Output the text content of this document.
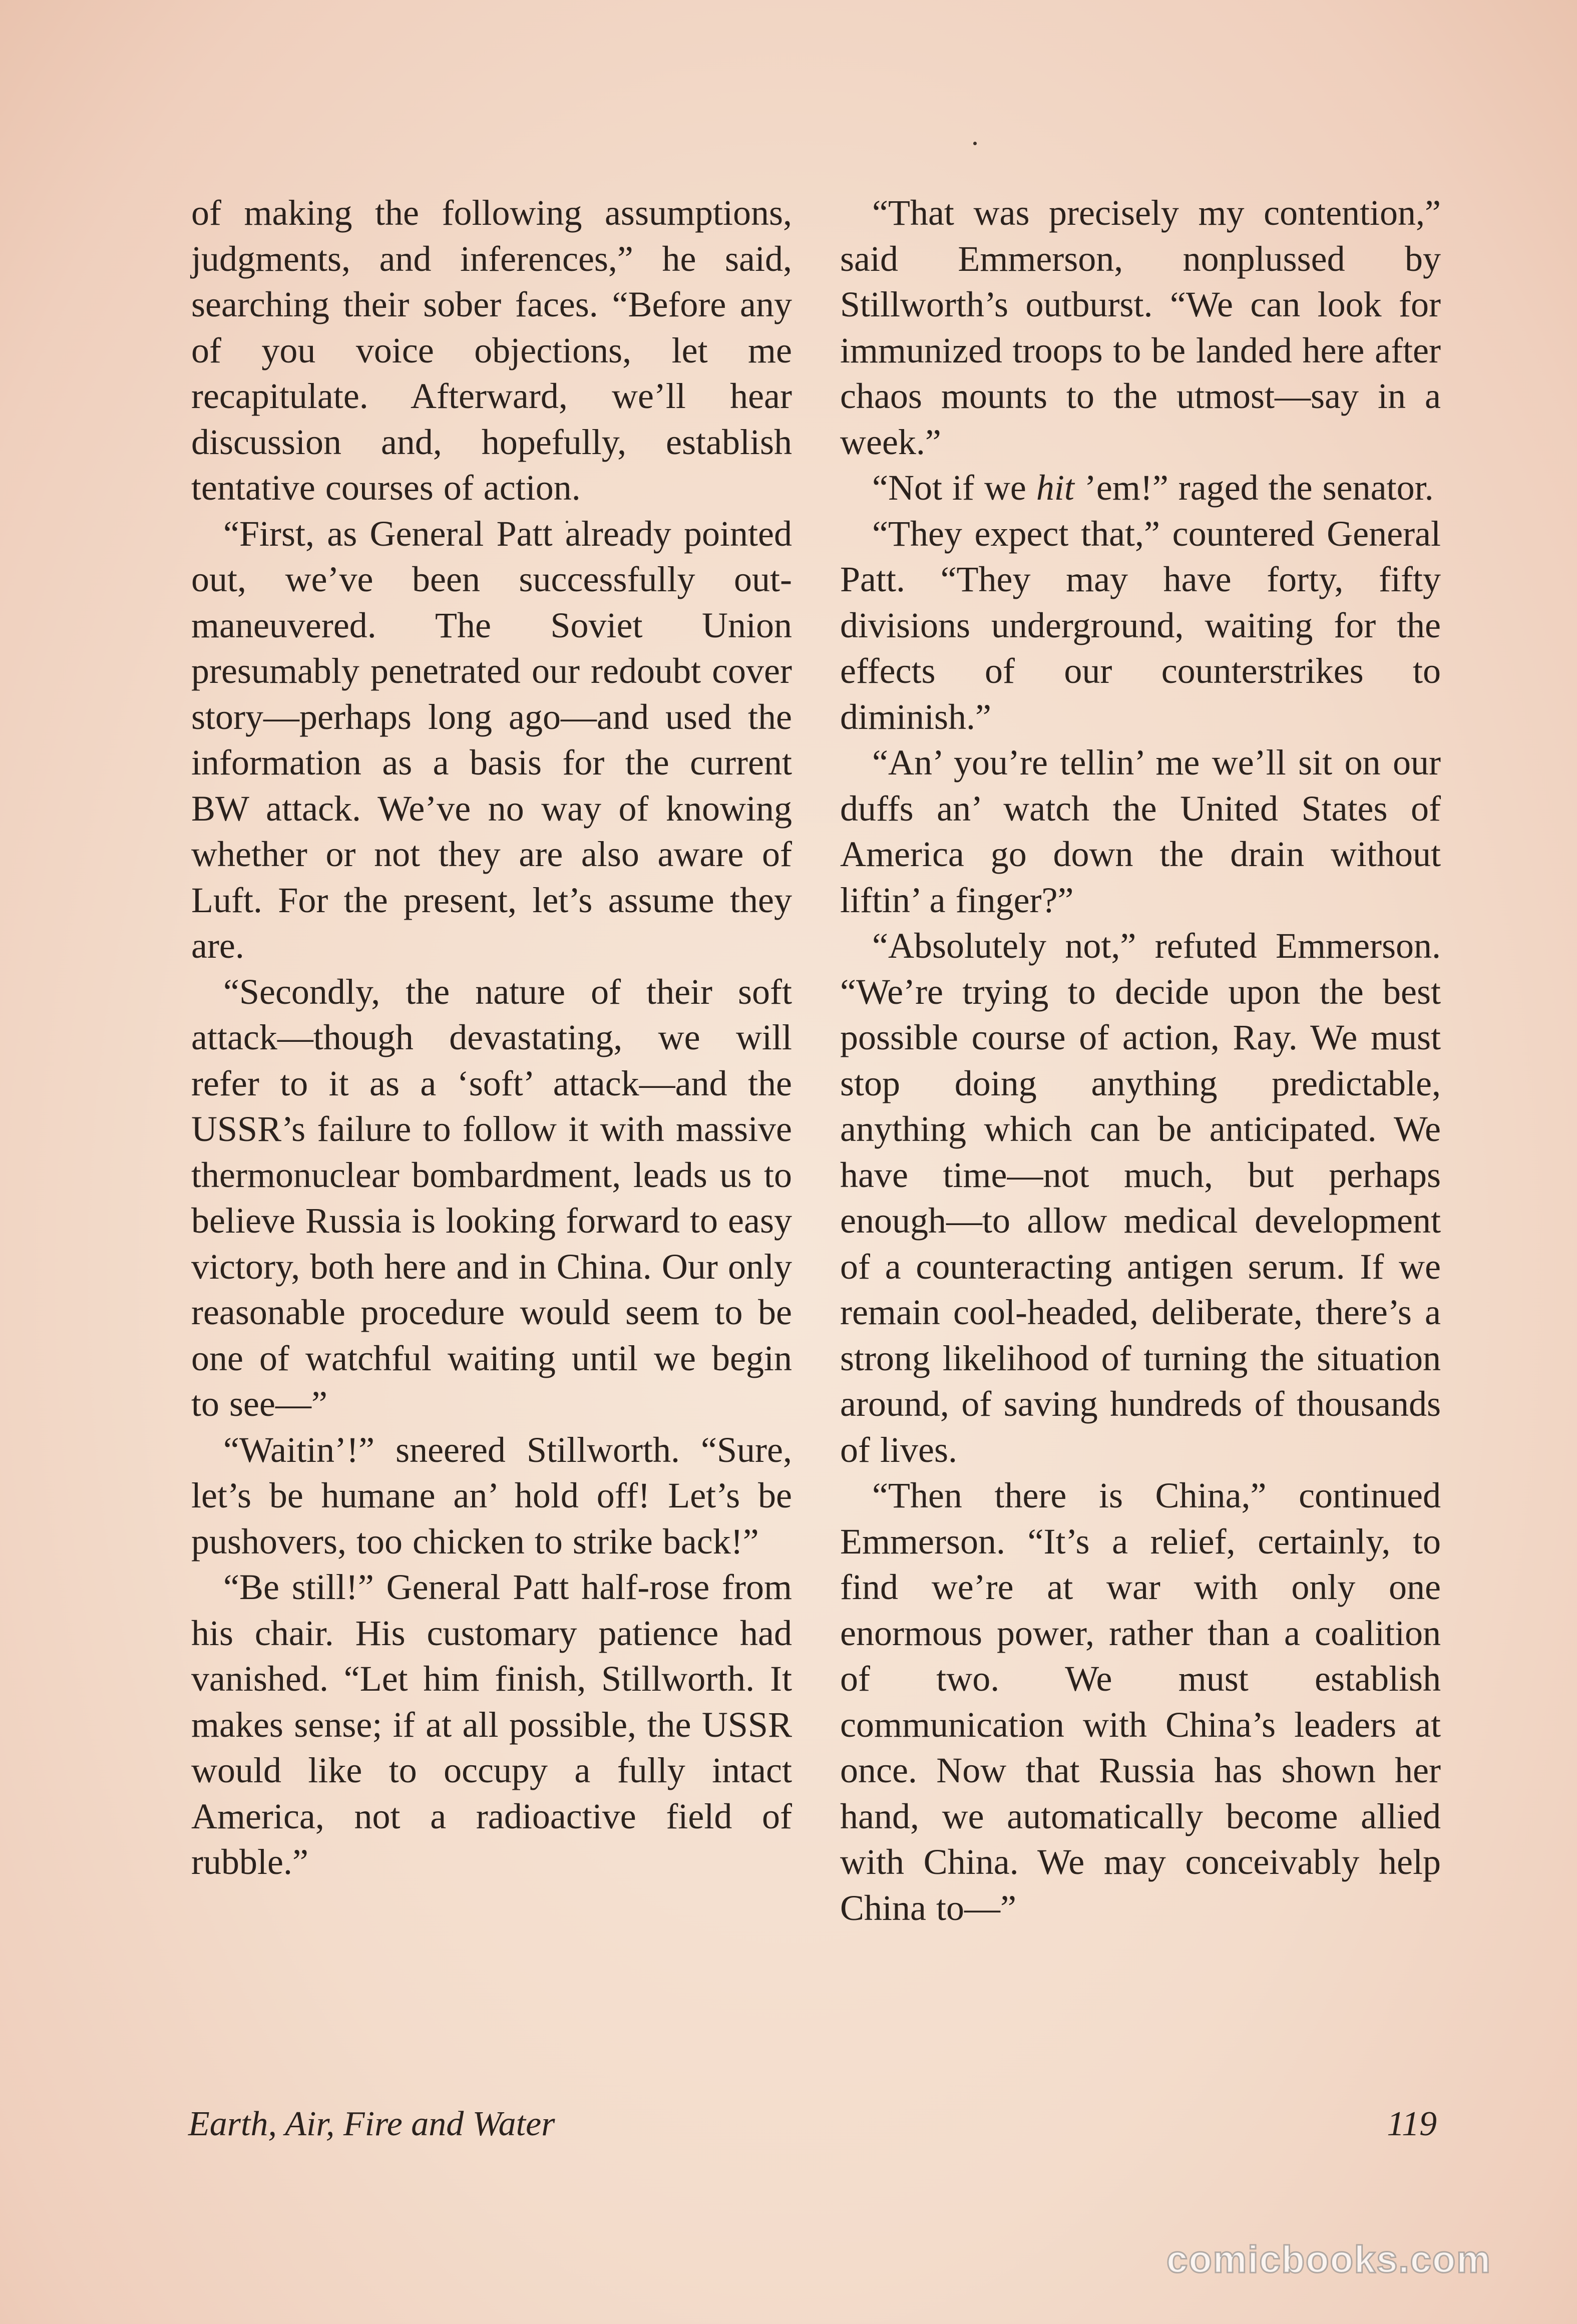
of making the following assumptions, judgments, and inferences,” he said, searching their sober faces. “Before any of you voice objections, let me recapitulate. Afterward, we’ll hear discussion and, hopefully, establish tentative courses of action.

“First, as General Patt already pointed out, we’ve been successfully out-maneuvered. The Soviet Union presumably penetrated our redoubt cover story—perhaps long ago—and used the information as a basis for the current BW attack. We’ve no way of knowing whether or not they are also aware of Luft. For the present, let’s assume they are.

“Secondly, the nature of their soft attack—though devastating, we will refer to it as a ‘soft’ attack—and the USSR’s failure to follow it with massive thermonuclear bombardment, leads us to believe Russia is looking forward to easy victory, both here and in China. Our only reasonable procedure would seem to be one of watchful waiting until we begin to see—”

“Waitin’!” sneered Stillworth. “Sure, let’s be humane an’ hold off! Let’s be pushovers, too chicken to strike back!”

“Be still!” General Patt half-rose from his chair. His customary patience had vanished. “Let him finish, Stillworth. It makes sense; if at all possible, the USSR would like to occupy a fully intact America, not a radioactive field of rubble.”

“That was precisely my contention,” said Emmerson, nonplussed by Stillworth’s outburst. “We can look for immunized troops to be landed here after chaos mounts to the utmost—say in a week.”

“Not if we hit ’em!” raged the senator.

“They expect that,” countered General Patt. “They may have forty, fifty divisions underground, waiting for the effects of our counterstrikes to diminish.”

“An’ you’re tellin’ me we’ll sit on our duffs an’ watch the United States of America go down the drain without liftin’ a finger?”

“Absolutely not,” refuted Emmerson. “We’re trying to decide upon the best possible course of action, Ray. We must stop doing anything predictable, anything which can be anticipated. We have time—not much, but perhaps enough—to allow medical development of a counteracting antigen serum. If we remain cool-headed, deliberate, there’s a strong likelihood of turning the situation around, of saving hundreds of thousands of lives.

“Then there is China,” continued Emmerson. “It’s a relief, certainly, to find we’re at war with only one enormous power, rather than a coalition of two. We must establish communication with China’s leaders at once. Now that Russia has shown her hand, we automatically become allied with China. We may conceivably help China to—”

Earth, Air, Fire and Water	119
comicbooks.com
